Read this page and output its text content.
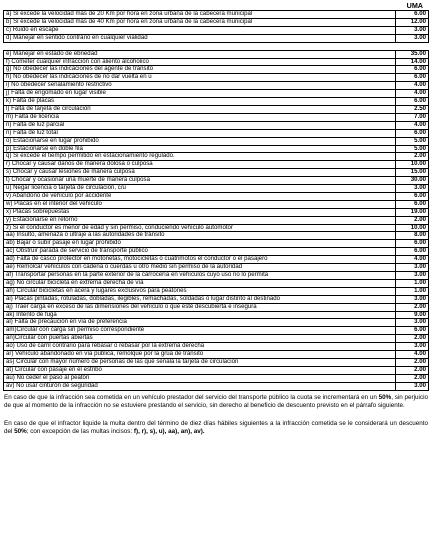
UMA
a) Si excede la velocidad más de 20 Km por hora en zona urbana de la cabecera municipal	6.00
b) Si excede la velocidad más de 40 Km por hora en zona urbana de la cabecera municipal	12.00
c) Ruido en escape	3.00
d) Manejar en sentido contrario en cualquier vialidad	3.00
e) Manejar en estado de ebriedad	35.00
f) Cometer cualquier infracción con aliento alcohólico	14.00
g) No obedecer las indicaciones del agente de tránsito	6.00
h) No obedecer las indicaciones de no dar vuelta en u	6.00
i) No obedecer señalamiento restrictivo	4.00
j) Falta de engomado en lugar visible	4.00
k) Falta de placas	6.00
l) Falta de tarjeta de circulación	2.50
m) Falta de licencia	7.00
n) Falta de luz parcial	4.00
ñ) Falta de luz total	6.00
o) Estacionarse en lugar prohibido	5.00
p) Estacionarse en doble fila	5.00
q) Si excede el tiempo permitido en estacionamiento regulado.	2.00
r) Chocar y causar daños de manera dolosa o culposa	10.00
s) Chocar y causar lesiones de manera culposa	15.00
t) Chocar y ocasionar una muerte de manera culposa	30.00
u) Negar licencia o tarjeta de circulación, c/u	3.00
v) Abandono de vehículo por accidente	6.00
w) Placas en el interior del vehículo	6.00
x) Placas sobrepuestas	19.00
y) Estacionarse en retorno	2.00
z) Si el conductor es menor de edad y sin permiso, conduciendo vehículo automotor	10.00
aa) Insulto, amenaza o ultraje a las autoridades de tránsito	8.00
ab) Bajar o subir pasaje en lugar prohibido	6.00
ac) Obstruir parada de servicio de transporte público	6.00
ad) Falta de casco protector en motonetas, motocicletas o cuatrimotos el conductor o el pasajero	4.00
ae) Remolcar vehículos con cadena o cuerdas u otro medio sin permiso de la autoridad	3.00
af) Transportar personas en la parte exterior de la carrocería en vehículos cuyo uso no lo permita	3.00
ag) No circular bicicleta en extrema derecha de vía	1.00
ah) Circular bicicletas en acera y lugares exclusivos para peatones	1.00
ai) Placas pintadas, rotuladas, dobladas, ilegibles, remachadas, soldadas o lugar distinto al destinado	3.00
aj) Traer carga en exceso de las dimensiones del vehículo o que esté descubierta e insegura	2.00
ak) Intento de fuga	9.00
al) Falta de precaución en vía de preferencia	3.00
am)Circular con carga sin permiso correspondiente	6.00
an)Circular con puertas abiertas	2.00
ao) Uso de carril contrario para rebasar o rebasar por la extrema derecha	3.00
ar) Vehículo abandonado en vía pública, remolque por la grúa de tránsito	4.00
as) Circular con mayor número de personas de las que señala la tarjeta de circulación	2.00
at) Circular con pasaje en el estribo	2.00
au) No ceder el paso al peatón	2.00
av) No usar cinturón de seguridad	3.00

En caso de que la infracción sea cometida en un vehículo prestador del servicio del transporte público la cuota se incrementará en un 50%, sin perjuicio de que al momento de la infracción no se estuviere prestando el servicio, sin derecho al beneficio de descuento previsto en el párrafo siguiente.

En caso de que el infractor liquide la multa dentro del término de diez días hábiles siguientes a la infracción cometida se le considerará un descuento del 50%; con excepción de las multas incisos: f), r), s), u), aa), an), av).
